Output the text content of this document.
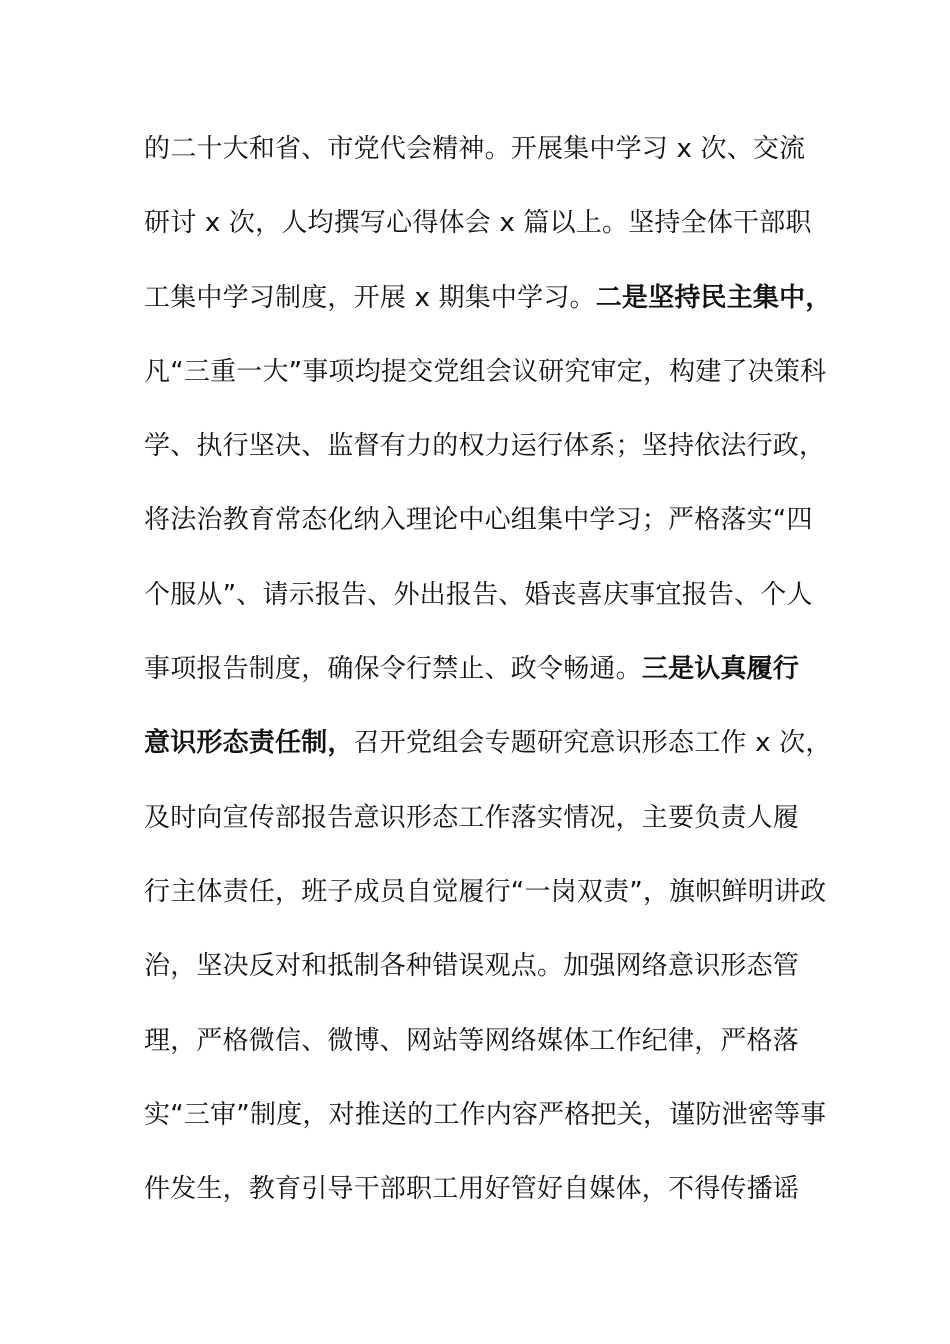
的二十大和省、市党代会精神。开展集中学习 x 次、交流
研讨 x 次，人均撰写心得体会 x 篇以上。坚持全体干部职
工集中学习制度，开展 x 期集中学习。二是坚持民主集中，
凡“三重一大”事项均提交党组会议研究审定，构建了决策科
学、执行坚决、监督有力的权力运行体系；坚持依法行政，
将法治教育常态化纳入理论中心组集中学习；严格落实“四
个服从”、请示报告、外出报告、婚丧喜庆事宜报告、个人
事项报告制度，确保令行禁止、政令畅通。三是认真履行
意识形态责任制，召开党组会专题研究意识形态工作 x 次，
及时向宣传部报告意识形态工作落实情况，主要负责人履
行主体责任，班子成员自觉履行“一岗双责”，旗帜鲜明讲政
治，坚决反对和抵制各种错误观点。加强网络意识形态管
理，严格微信、微博、网站等网络媒体工作纪律，严格落
实“三审”制度，对推送的工作内容严格把关，谨防泄密等事
件发生，教育引导干部职工用好管好自媒体，不得传播谣
